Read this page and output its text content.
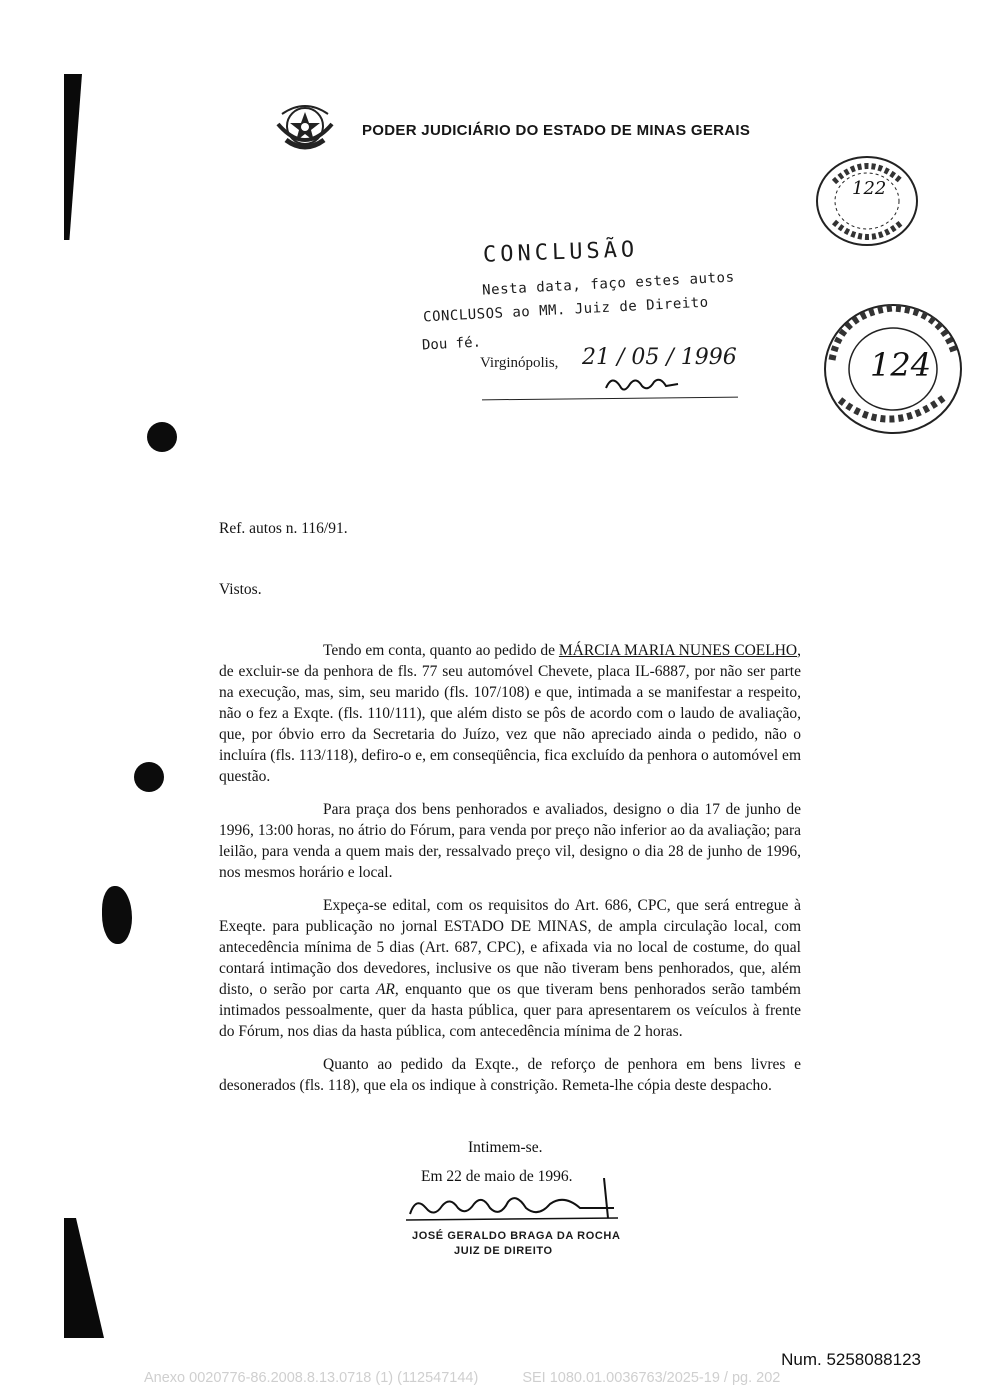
PODER JUDICIÁRIO DO ESTADO DE MINAS GERAIS
122
124
CONCLUSÃO
Nesta data, faço estes autos
CONCLUSOS ao MM. Juiz de Direito
Dou fé.
Virginópolis, 21 / 05 / 1996
Ref. autos n. 116/91.
Vistos.

Tendo em conta, quanto ao pedido de MÁRCIA MARIA NUNES COELHO, de excluir-se da penhora de fls. 77 seu automóvel Chevete, placa IL-6887, por não ser parte na execução, mas, sim, seu marido (fls. 107/108) e que, intimada a se manifestar a respeito, não o fez a Exqte. (fls. 110/111), que além disto se pôs de acordo com o laudo de avaliação, que, por óbvio erro da Secretaria do Juízo, vez que não apreciado ainda o pedido, não o incluíra (fls. 113/118), defiro-o e, em conseqüência, fica excluído da penhora o automóvel em questão.

Para praça dos bens penhorados e avaliados, designo o dia 17 de junho de 1996, 13:00 horas, no átrio do Fórum, para venda por preço não inferior ao da avaliação; para leilão, para venda a quem mais der, ressalvado preço vil, designo o dia 28 de junho de 1996, nos mesmos horário e local.

Expeça-se edital, com os requisitos do Art. 686, CPC, que será entregue à Exeqte. para publicação no jornal ESTADO DE MINAS, de ampla circulação local, com antecedência mínima de 5 dias (Art. 687, CPC), e afixada via no local de costume, do qual contará intimação dos devedores, inclusive os que não tiveram bens penhorados, que, além disto, o serão por carta AR, enquanto que os que tiveram bens penhorados serão também intimados pessoalmente, quer da hasta pública, quer para apresentarem os veículos à frente do Fórum, nos dias da hasta pública, com antecedência mínima de 2 horas.

Quanto ao pedido da Exqte., de reforço de penhora em bens livres e desonerados (fls. 118), que ela os indique à constrição. Remeta-lhe cópia deste despacho.

Intimem-se.
Em 22 de maio de 1996.
JOSÉ GERALDO BRAGA DA ROCHA
JUIZ DE DIREITO
Num. 5258088123
Anexo 0020776-86.2008.8.13.0718 (1) (112547144)	SEI 1080.01.0036763/2025-19 / pg. 202
